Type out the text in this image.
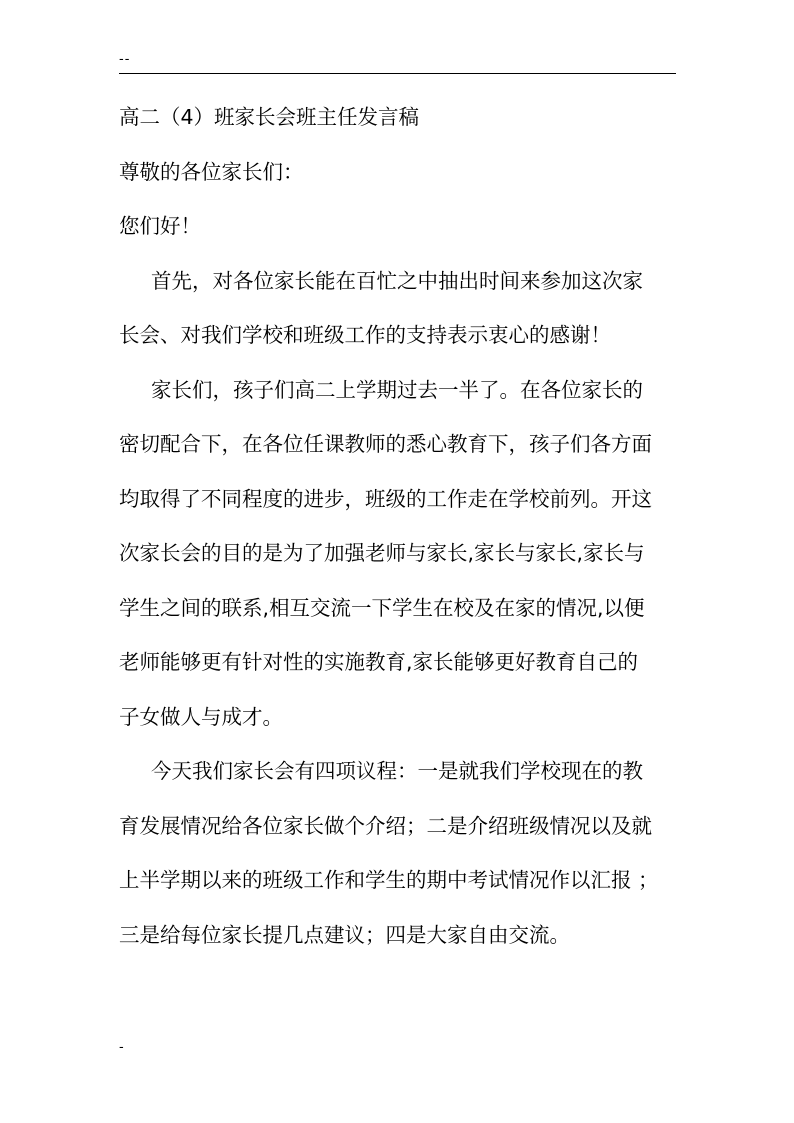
--
高二（4）班家长会班主任发言稿
尊敬的各位家长们：
您们好！
首先，对各位家长能在百忙之中抽出时间来参加这次家
长会、对我们学校和班级工作的支持表示衷心的感谢！
家长们，孩子们高二上学期过去一半了。在各位家长的
密切配合下，在各位任课教师的悉心教育下，孩子们各方面
均取得了不同程度的进步，班级的工作走在学校前列。开这
次家长会的目的是为了加强老师与家长,家长与家长,家长与
学生之间的联系,相互交流一下学生在校及在家的情况,以便
老师能够更有针对性的实施教育,家长能够更好教育自己的
子女做人与成才。
今天我们家长会有四项议程：一是就我们学校现在的教
育发展情况给各位家长做个介绍；二是介绍班级情况以及就
上半学期以来的班级工作和学生的期中考试情况作以汇报 ；
三是给每位家长提几点建议；四是大家自由交流。
-
